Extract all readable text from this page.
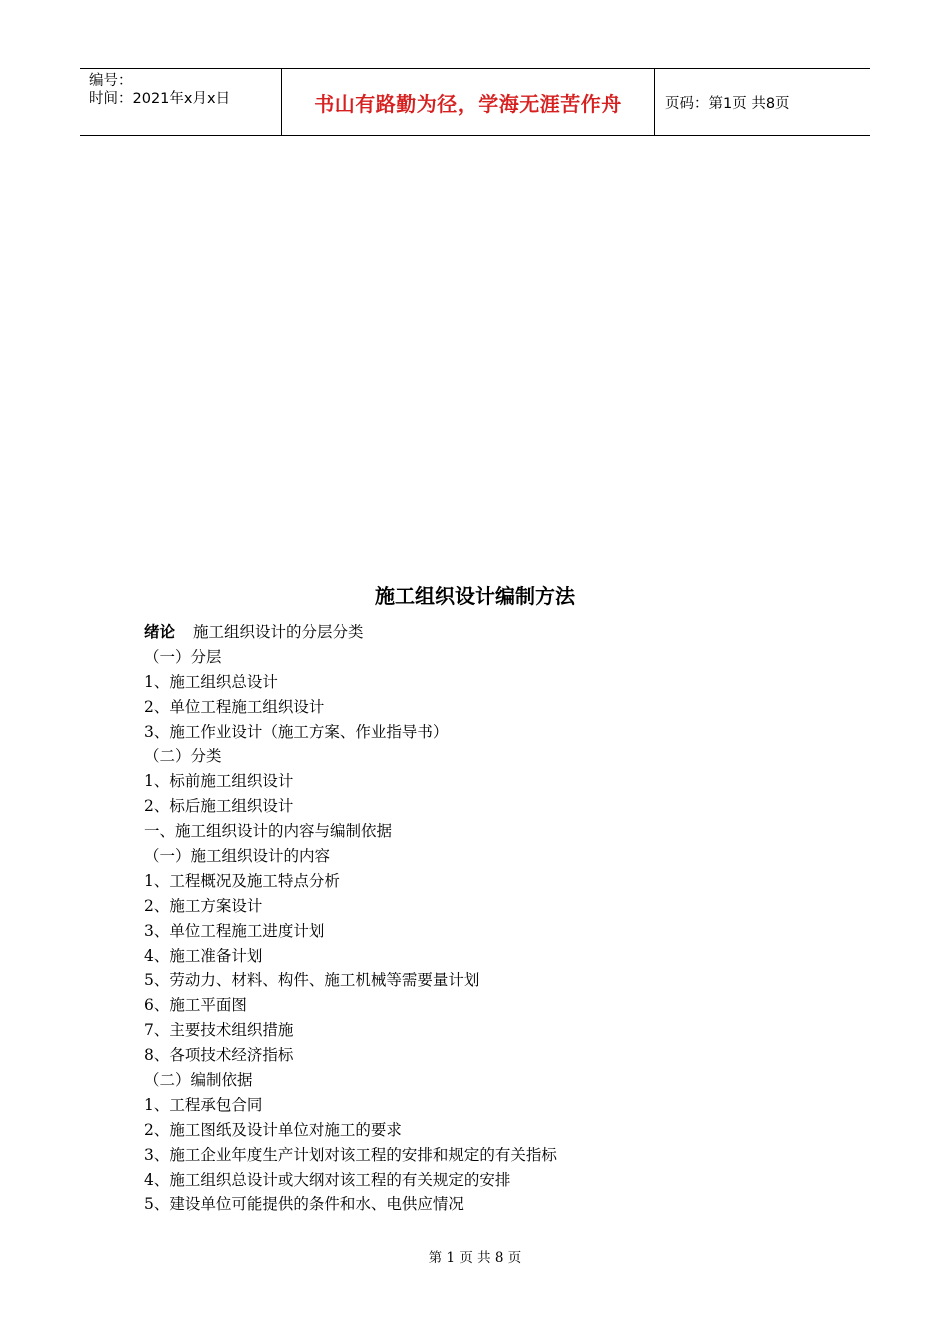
编号：
时间：2021年x月x日	书山有路勤为径，学海无涯苦作舟	页码：第1页 共8页
施工组织设计编制方法
绪论 施工组织设计的分层分类
（一）分层
1、施工组织总设计
2、单位工程施工组织设计
3、施工作业设计（施工方案、作业指导书）
（二）分类
1、标前施工组织设计
2、标后施工组织设计
一、施工组织设计的内容与编制依据
（一）施工组织设计的内容
1、工程概况及施工特点分析
2、施工方案设计
3、单位工程施工进度计划
4、施工准备计划
5、劳动力、材料、构件、施工机械等需要量计划
6、施工平面图
7、主要技术组织措施
8、各项技术经济指标
（二）编制依据
1、工程承包合同
2、施工图纸及设计单位对施工的要求
3、施工企业年度生产计划对该工程的安排和规定的有关指标
4、施工组织总设计或大纲对该工程的有关规定的安排
5、建设单位可能提供的条件和水、电供应情况
第 1 页 共 8 页
